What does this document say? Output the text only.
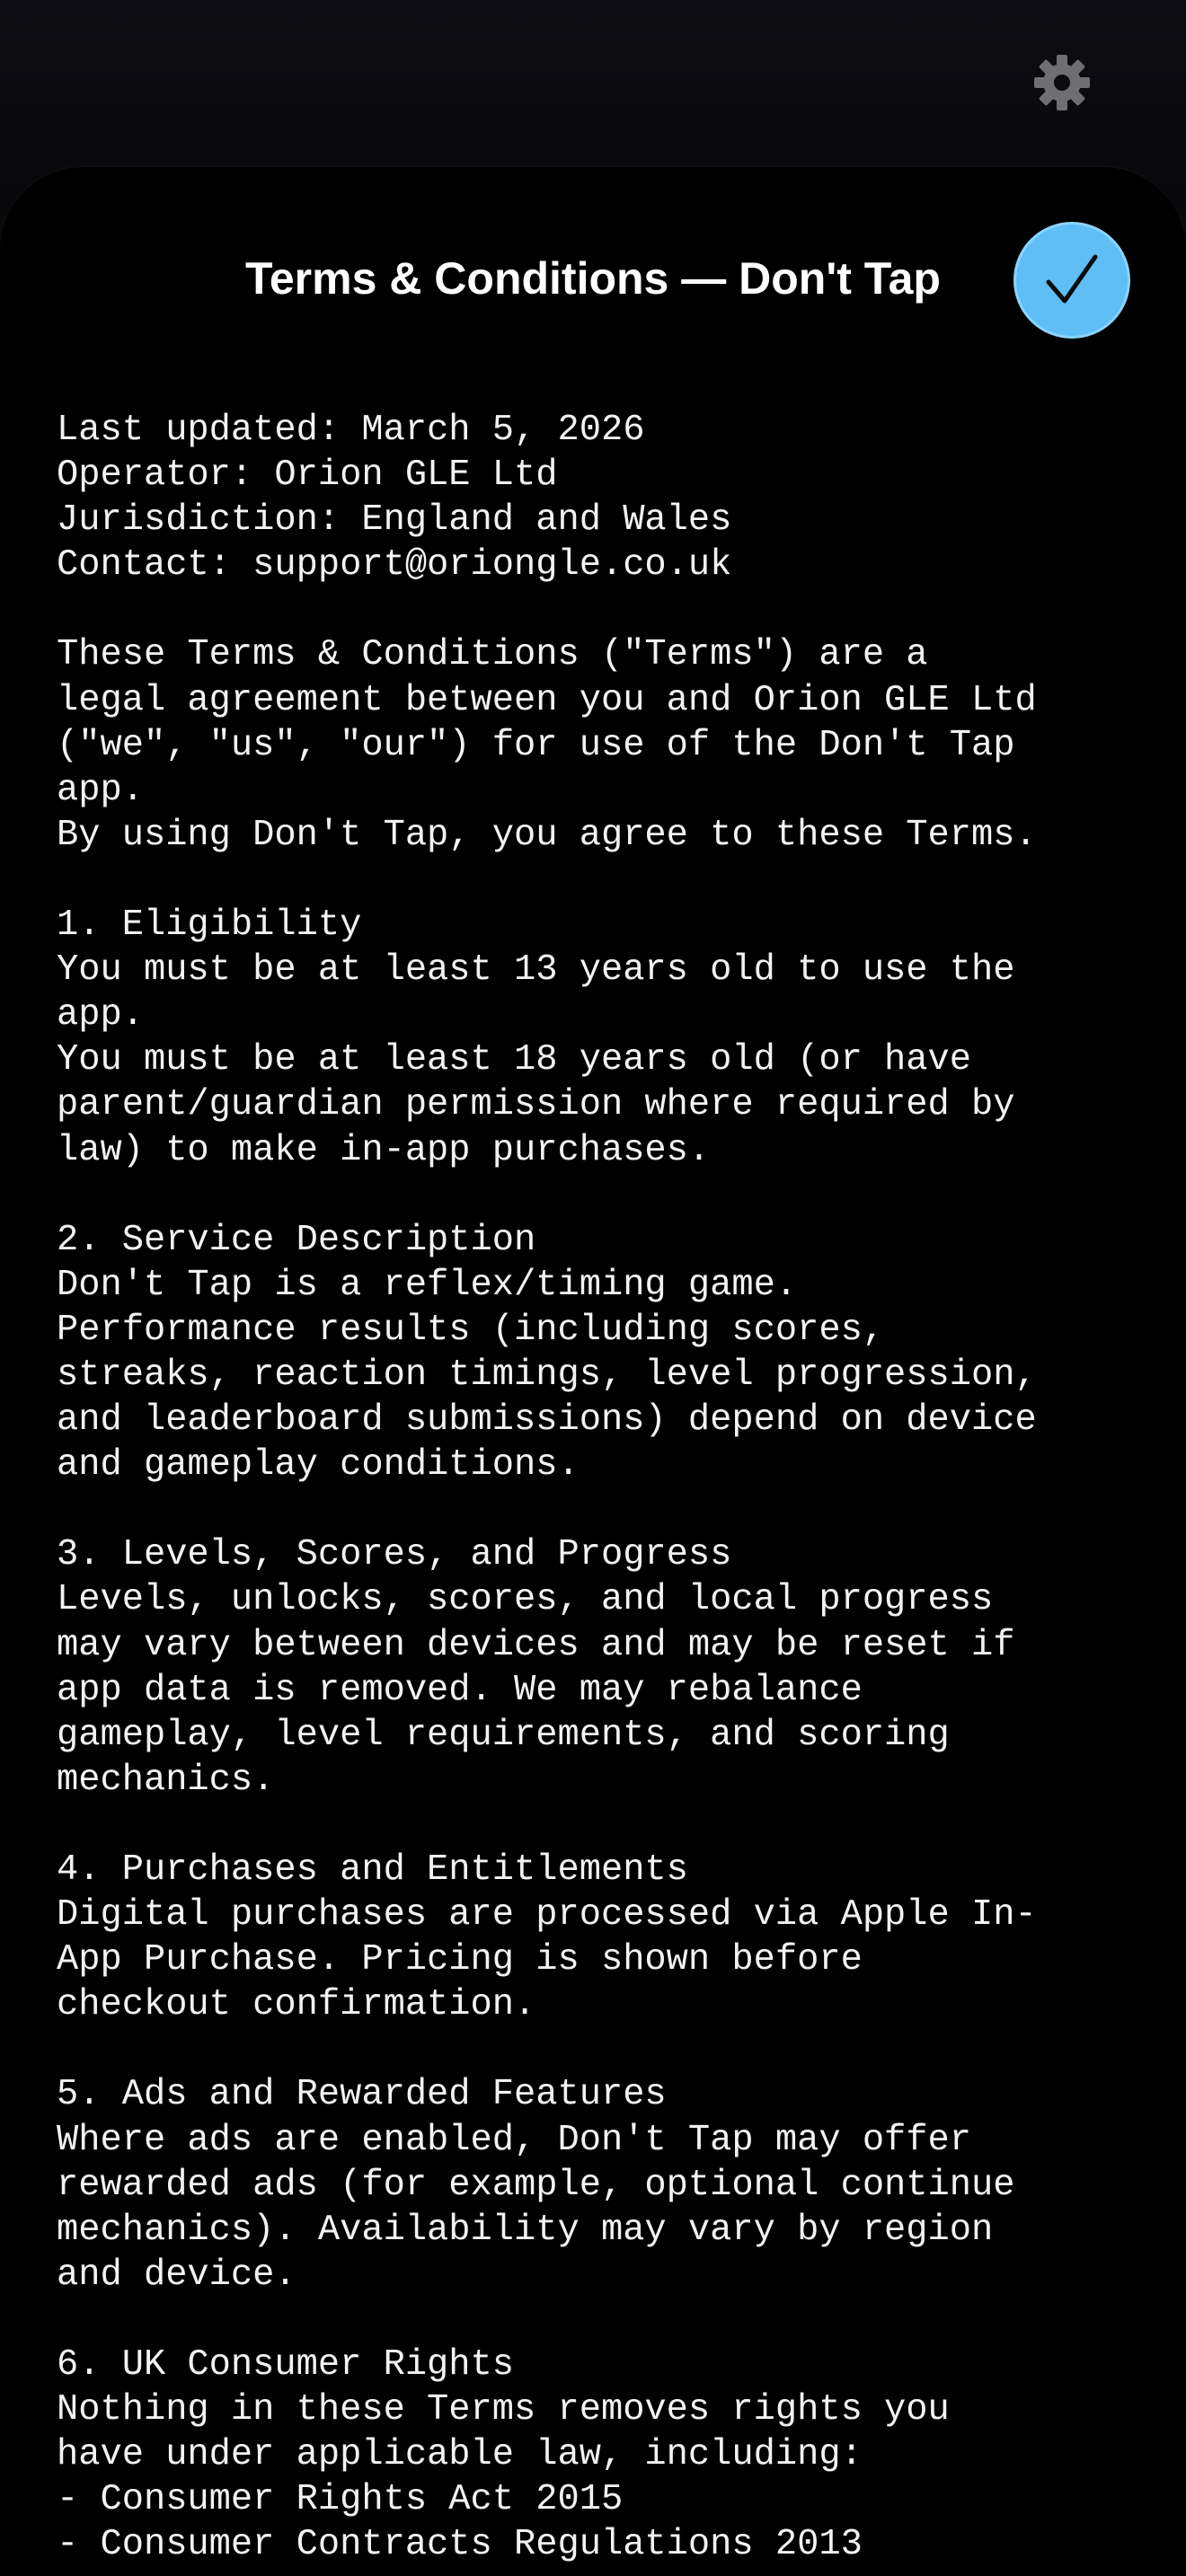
Terms & Conditions — Don't Tap
Last updated: March 5, 2026
Operator: Orion GLE Ltd
Jurisdiction: England and Wales
Contact: support@oriongle.co.uk

These Terms & Conditions ("Terms") are a
legal agreement between you and Orion GLE Ltd
("we", "us", "our") for use of the Don't Tap
app.
By using Don't Tap, you agree to these Terms.

1. Eligibility
You must be at least 13 years old to use the
app.
You must be at least 18 years old (or have
parent/guardian permission where required by
law) to make in-app purchases.

2. Service Description
Don't Tap is a reflex/timing game.
Performance results (including scores,
streaks, reaction timings, level progression,
and leaderboard submissions) depend on device
and gameplay conditions.

3. Levels, Scores, and Progress
Levels, unlocks, scores, and local progress
may vary between devices and may be reset if
app data is removed. We may rebalance
gameplay, level requirements, and scoring
mechanics.

4. Purchases and Entitlements
Digital purchases are processed via Apple In-
App Purchase. Pricing is shown before
checkout confirmation.

5. Ads and Rewarded Features
Where ads are enabled, Don't Tap may offer
rewarded ads (for example, optional continue
mechanics). Availability may vary by region
and device.

6. UK Consumer Rights
Nothing in these Terms removes rights you
have under applicable law, including:
- Consumer Rights Act 2015
- Consumer Contracts Regulations 2013
